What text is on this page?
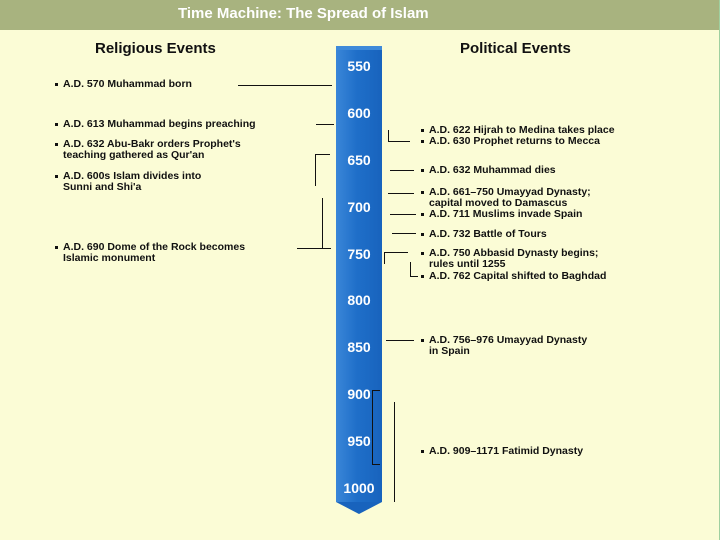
Time Machine: The Spread of Islam
Religious Events	Political Events
550
600
650
700
750
800
850
900
950
1000
A.D. 570 Muhammad born
A.D. 613 Muhammad begins preaching
A.D. 632 Abu-Bakr orders Prophet's
teaching gathered as Qur'an
A.D. 600s Islam divides into
Sunni and Shi'a
A.D. 690 Dome of the Rock becomes
Islamic monument
A.D. 622 Hijrah to Medina takes place
A.D. 630 Prophet returns to Mecca
A.D. 632 Muhammad dies
A.D. 661–750 Umayyad Dynasty;
capital moved to Damascus
A.D. 711 Muslims invade Spain
A.D. 732 Battle of Tours
A.D. 750 Abbasid Dynasty begins;
rules until 1255
A.D. 762 Capital shifted to Baghdad
A.D. 756–976 Umayyad Dynasty
in Spain
A.D. 909–1171 Fatimid Dynasty
